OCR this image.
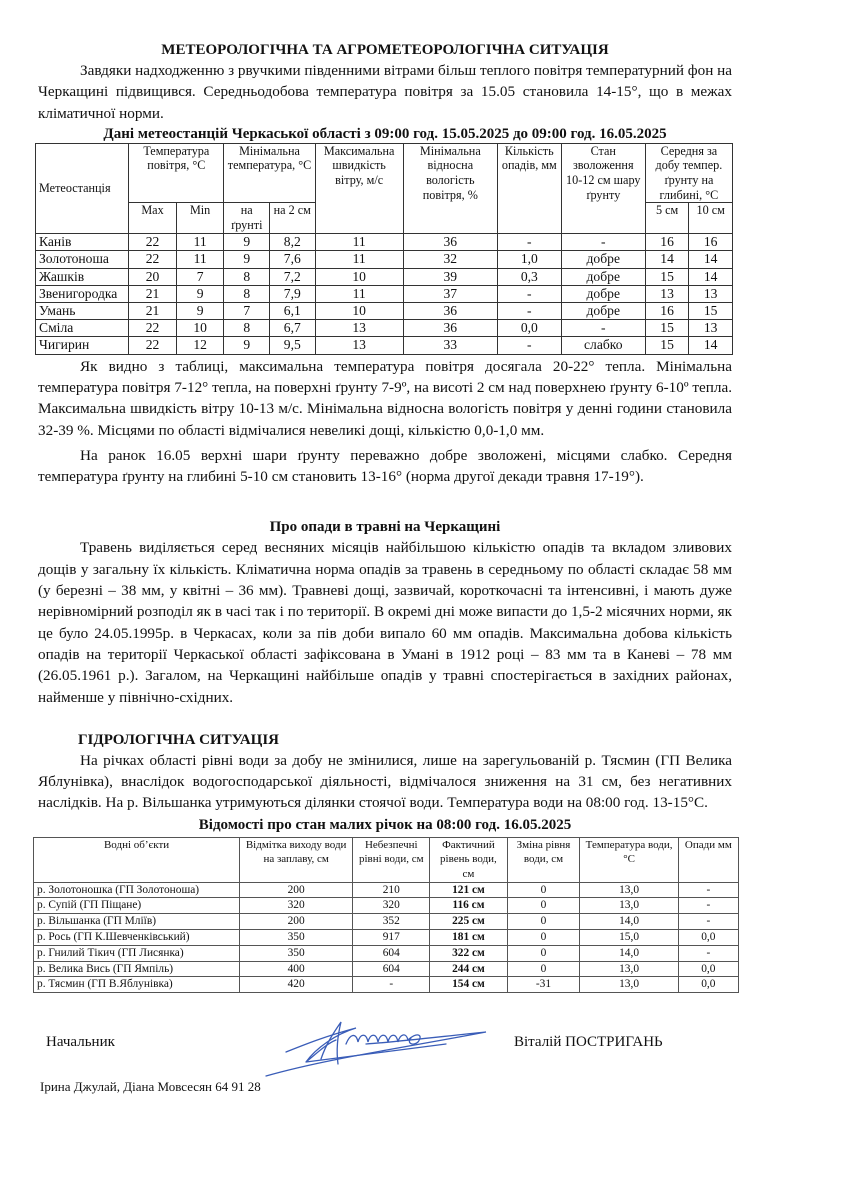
МЕТЕОРОЛОГІЧНА ТА АГРОМЕТЕОРОЛОГІЧНА СИТУАЦІЯ

Завдяки надходженню з рвучкими південними вітрами більш теплого повітря температурний фон на Черкащині підвищився. Середньодобова температура повітря за 15.05 становила 14-15°, що в межах кліматичної норми.

Дані метеостанцій Черкаської області з 09:00 год. 15.05.2025 до 09:00 год. 16.05.2025

Метеостанція	Температура повітря, °С		Мінімальна температура, °С		Максимальна швидкість вітру, м/с	Мінімальна відносна вологість повітря, %	Кількість опадів, мм	Стан зволоження 10-12 см шару ґрунту	Середня за добу темпер. ґрунту на глибині, °С	
	Max	Min	на ґрунті	на 2 см					5 см	10 см
Канів	22	11	9	8,2	11	36	-	-	16	16
Золотоноша	22	11	9	7,6	11	32	1,0	добре	14	14
Жашків	20	7	8	7,2	10	39	0,3	добре	15	14
Звенигородка	21	9	8	7,9	11	37	-	добре	13	13
Умань	21	9	7	6,1	10	36	-	добре	16	15
Сміла	22	10	8	6,7	13	36	0,0	-	15	13
Чигирин	22	12	9	9,5	13	33	-	слабко	15	14

Як видно з таблиці, максимальна температура повітря досягала 20-22° тепла. Мінімальна температура повітря 7-12° тепла, на поверхні ґрунту 7-9º, на висоті 2 см над поверхнею ґрунту 6-10º тепла. Максимальна швидкість вітру 10-13 м/с. Мінімальна відносна вологість повітря у денні години становила 32-39 %. Місцями по області відмічалися невеликі дощі, кількістю 0,0-1,0 мм.

На ранок 16.05 верхні шари ґрунту переважно добре зволожені, місцями слабко. Середня температура ґрунту на глибині 5-10 см становить 13-16° (норма другої декади травня 17-19°).

Про опади в травні на Черкащині

Травень виділяється серед весняних місяців найбільшою кількістю опадів та вкладом зливових дощів у загальну їх кількість. Кліматична норма опадів за травень в середньому по області складає 58 мм (у березні – 38 мм, у квітні – 36 мм). Травневі дощі, зазвичай, короткочасні та інтенсивні, і мають дуже нерівномірний розподіл як в часі так і по території. В окремі дні може випасти до 1,5-2 місячних норми, як це було 24.05.1995р. в Черкасах, коли за пів доби випало 60 мм опадів. Максимальна добова кількість опадів на території Черкаської області зафіксована в Умані в 1912 році – 83 мм та в Каневі – 78 мм (26.05.1961 р.). Загалом, на Черкащині найбільше опадів у травні спостерігається в західних районах, найменше у північно-східних.

ГІДРОЛОГІЧНА СИТУАЦІЯ

На річках області рівні води за добу не змінилися, лише на зарегульованій р. Тясмин (ГП Велика Яблунівка), внаслідок водогосподарської діяльності, відмічалося зниження на 31 см, без негативних наслідків. На р. Вільшанка утримуються ділянки стоячої води. Температура води на 08:00 год. 13-15°С.

Відомості про стан малих річок на 08:00 год. 16.05.2025

Водні об’єкти	Відмітка виходу води на заплаву, см	Небезпечні рівні води, см	Фактичний рівень води, см	Зміна рівня води, см	Температура води, °С	Опади мм
р. Золотоношка (ГП Золотоноша)	200	210	121 см	0	13,0	-
р. Супій (ГП Піщане)	320	320	116 см	0	13,0	-
р. Вільшанка (ГП Мліїв)	200	352	225 см	0	14,0	-
р. Рось (ГП К.Шевченківський)	350	917	181 см	0	15,0	0,0
р. Гнилий Тікич (ГП Лисянка)	350	604	322 см	0	14,0	-
р. Велика Вись (ГП Ямпіль)	400	604	244 см	0	13,0	0,0
р. Тясмин (ГП В.Яблунівка)	420	-	154 см	-31	13,0	0,0
Начальник	Віталій ПОСТРИГАНЬ
Ірина Джулай, Діана Мовсесян 64 91 28
